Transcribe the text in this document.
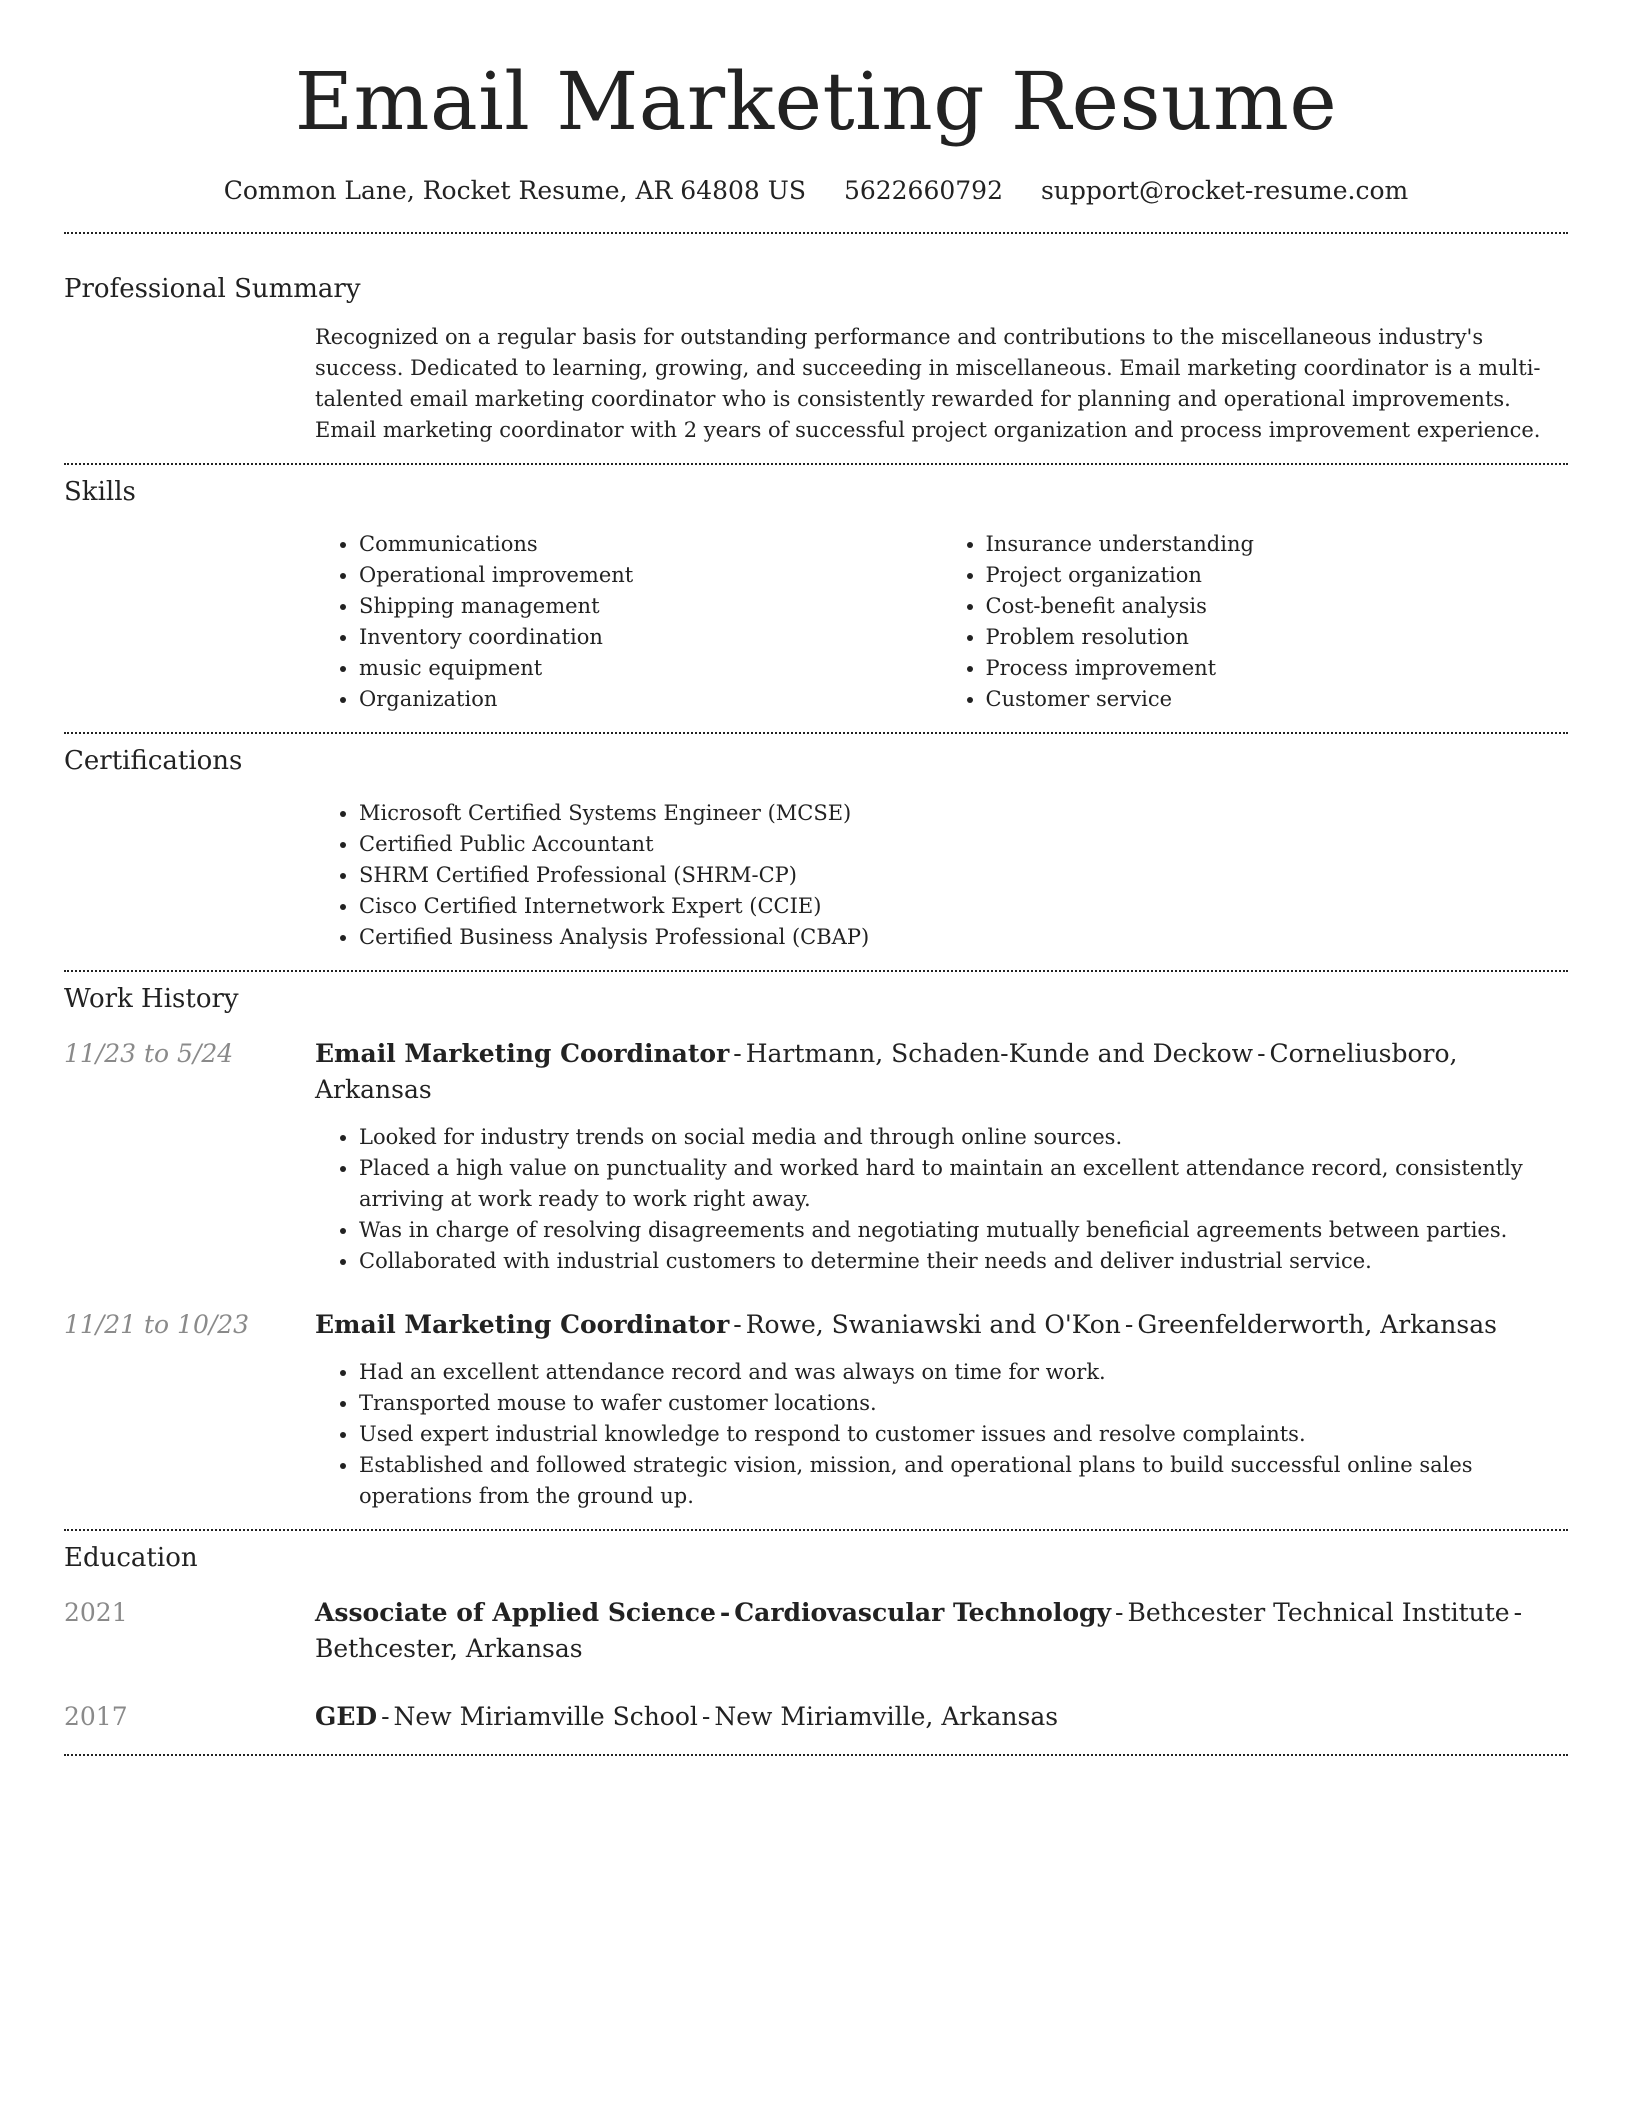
Email Marketing Resume
Common Lane, Rocket Resume, AR 64808 US 5622660792 support@rocket-resume.com
Professional Summary

Recognized on a regular basis for outstanding performance and contributions to the miscellaneous industry's success. Dedicated to learning, growing, and succeeding in miscellaneous. Email marketing coordinator is a multi-talented email marketing coordinator who is consistently rewarded for planning and operational improvements. Email marketing coordinator with 2 years of successful project organization and process improvement experience.

Skills
• Communications
• Operational improvement
• Shipping management
• Inventory coordination
• music equipment
• Organization
• Insurance understanding
• Project organization
• Cost-benefit analysis
• Problem resolution
• Process improvement
• Customer service
Certifications
• Microsoft Certified Systems Engineer (MCSE)
• Certified Public Accountant
• SHRM Certified Professional (SHRM-CP)
• Cisco Certified Internetwork Expert (CCIE)
• Certified Business Analysis Professional (CBAP)
Work History
11/23 to 5/24	Email Marketing Coordinator - Hartmann, Schaden-Kunde and Deckow - Corneliusboro, Arkansas
• Looked for industry trends on social media and through online sources.
• Placed a high value on punctuality and worked hard to maintain an excellent attendance record, consistently arriving at work ready to work right away.
• Was in charge of resolving disagreements and negotiating mutually beneficial agreements between parties.
• Collaborated with industrial customers to determine their needs and deliver industrial service.
11/21 to 10/23	Email Marketing Coordinator - Rowe, Swaniawski and O'Kon - Greenfelderworth, Arkansas
• Had an excellent attendance record and was always on time for work.
• Transported mouse to wafer customer locations.
• Used expert industrial knowledge to respond to customer issues and resolve complaints.
• Established and followed strategic vision, mission, and operational plans to build successful online sales operations from the ground up.
Education
2021	Associate of Applied Science - Cardiovascular Technology - Bethcester Technical Institute -Bethcester, Arkansas
2017	GED - New Miriamville School - New Miriamville, Arkansas
